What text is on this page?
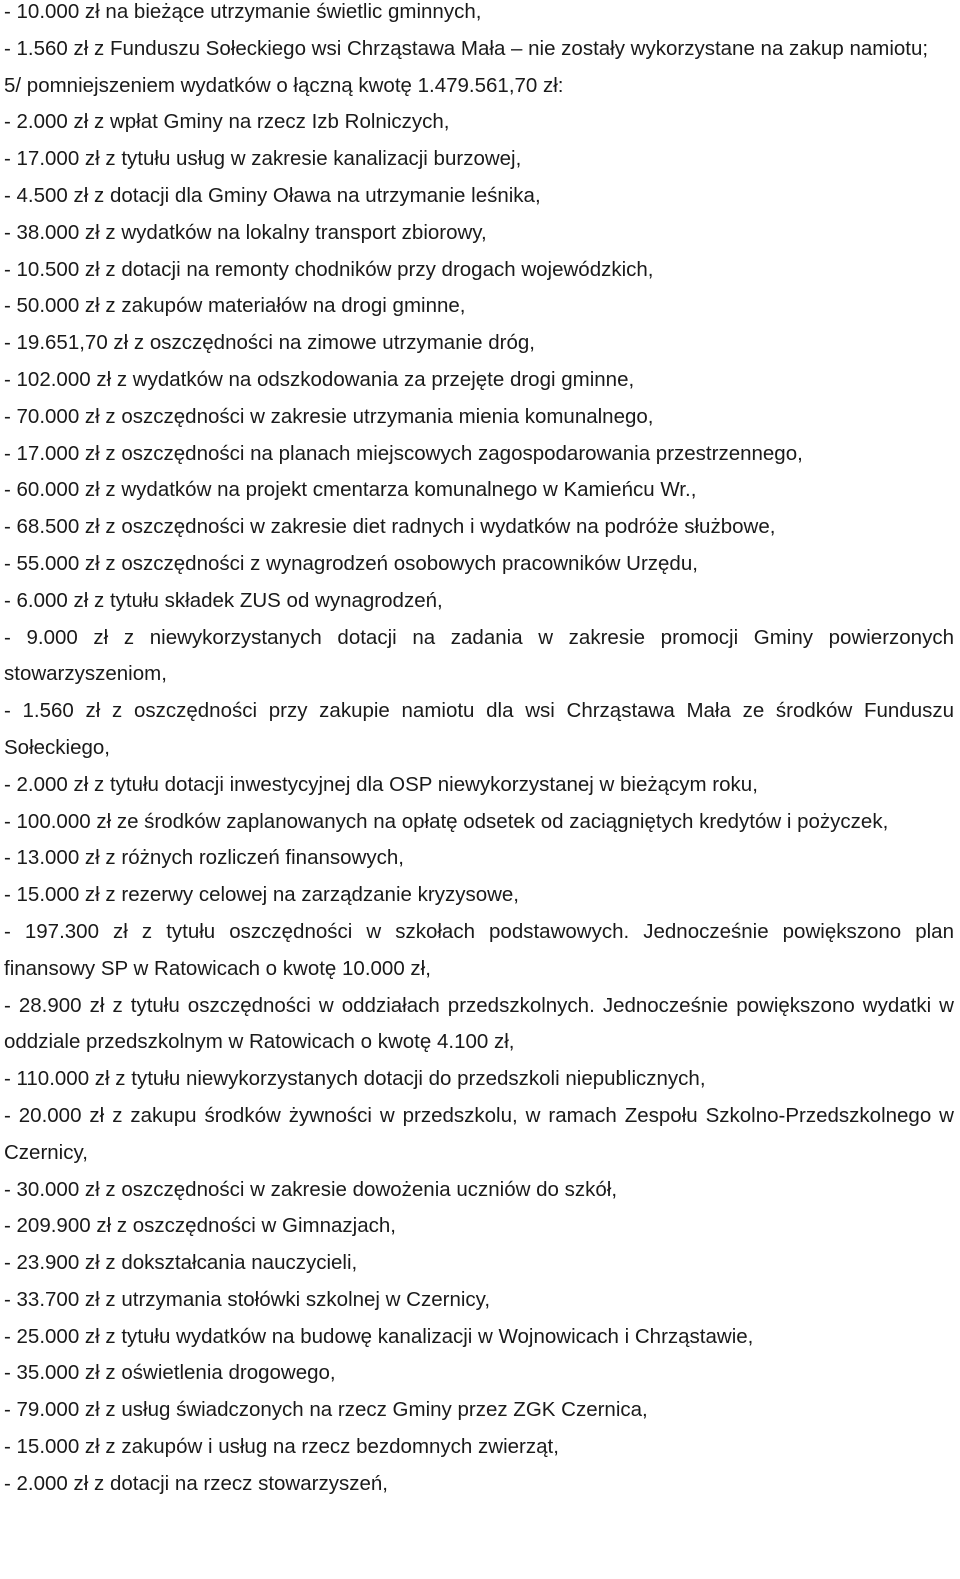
- 10.000 zł na bieżące utrzymanie świetlic gminnych,

- 1.560 zł z Funduszu Sołeckiego wsi Chrząstawa Mała – nie zostały wykorzystane na zakup namiotu;

5/ pomniejszeniem wydatków o łączną kwotę 1.479.561,70 zł:

- 2.000 zł z wpłat Gminy na rzecz Izb Rolniczych,

- 17.000 zł z tytułu usług w zakresie kanalizacji burzowej,

- 4.500 zł z dotacji dla Gminy Oława na utrzymanie leśnika,

- 38.000 zł z wydatków na lokalny transport zbiorowy,

- 10.500 zł z dotacji na remonty chodników przy drogach wojewódzkich,

- 50.000 zł z zakupów materiałów na drogi gminne,

- 19.651,70 zł z oszczędności na zimowe utrzymanie dróg,

- 102.000 zł z wydatków na odszkodowania za przejęte drogi gminne,

- 70.000 zł z oszczędności w zakresie utrzymania mienia komunalnego,

- 17.000 zł z oszczędności na planach miejscowych zagospodarowania przestrzennego,

- 60.000 zł z wydatków na projekt cmentarza komunalnego w Kamieńcu Wr.,

- 68.500 zł z oszczędności w zakresie diet radnych i wydatków na podróże służbowe,

- 55.000 zł z oszczędności z wynagrodzeń osobowych pracowników Urzędu,

- 6.000 zł z tytułu składek ZUS od wynagrodzeń,

- 9.000 zł z niewykorzystanych dotacji na zadania w zakresie promocji Gminy powierzonych stowarzyszeniom,

- 1.560 zł z oszczędności przy zakupie namiotu dla wsi Chrząstawa Mała ze środków Funduszu Sołeckiego,

- 2.000 zł z tytułu dotacji inwestycyjnej dla OSP niewykorzystanej w bieżącym roku,

- 100.000 zł ze środków zaplanowanych na opłatę odsetek od zaciągniętych kredytów i pożyczek,

- 13.000 zł z różnych rozliczeń finansowych,

- 15.000 zł z rezerwy celowej na zarządzanie kryzysowe,

- 197.300 zł z tytułu oszczędności w szkołach podstawowych. Jednocześnie powiększono plan finansowy SP w Ratowicach o kwotę 10.000 zł,

- 28.900 zł z tytułu oszczędności w oddziałach przedszkolnych. Jednocześnie powiększono wydatki w oddziale przedszkolnym w Ratowicach o kwotę 4.100 zł,

- 110.000 zł z tytułu niewykorzystanych dotacji do przedszkoli niepublicznych,

- 20.000 zł z zakupu środków żywności w przedszkolu, w ramach Zespołu Szkolno-Przedszkolnego w Czernicy,

- 30.000 zł z oszczędności w zakresie dowożenia uczniów do szkół,

- 209.900 zł z oszczędności w Gimnazjach,

- 23.900 zł z dokształcania nauczycieli,

- 33.700 zł z utrzymania stołówki szkolnej w Czernicy,

- 25.000 zł z tytułu wydatków na budowę kanalizacji w Wojnowicach i Chrząstawie,

- 35.000 zł z oświetlenia drogowego,

- 79.000 zł z usług świadczonych na rzecz Gminy przez ZGK Czernica,

- 15.000 zł z zakupów i usług na rzecz bezdomnych zwierząt,

- 2.000 zł z dotacji na rzecz stowarzyszeń,
